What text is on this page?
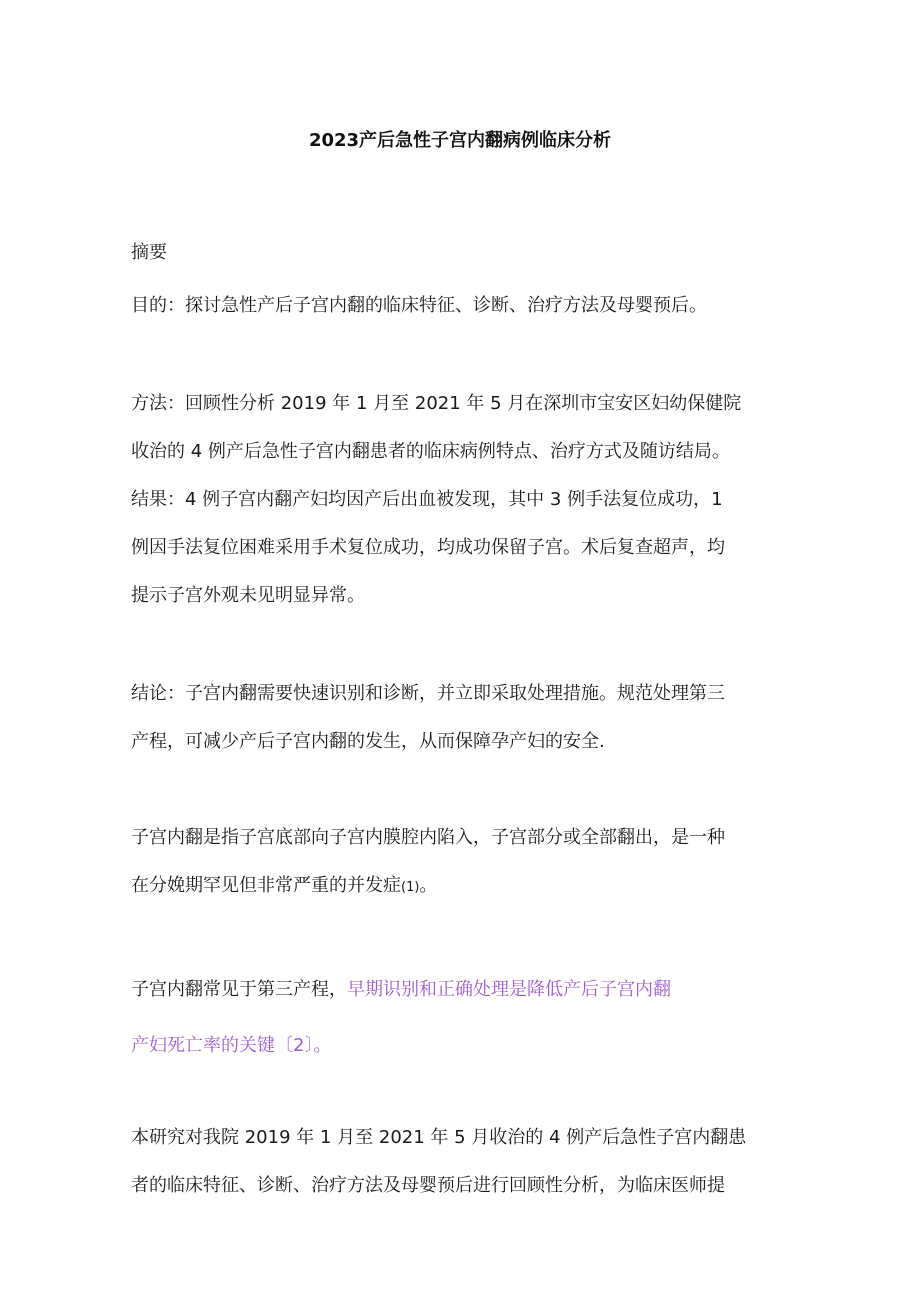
2023产后急性子宫内翻病例临床分析
摘要
目的：探讨急性产后子宫内翻的临床特征、诊断、治疗方法及母婴预后。
方法：回顾性分析 2019 年 1 月至 2021 年 5 月在深圳市宝安区妇幼保健院
收治的 4 例产后急性子宫内翻患者的临床病例特点、治疗方式及随访结局。
结果：4 例子宫内翻产妇均因产后出血被发现，其中 3 例手法复位成功，1
例因手法复位困难采用手术复位成功，均成功保留子宫。术后复查超声，均
提示子宫外观未见明显异常。
结论：子宫内翻需要快速识别和诊断，并立即采取处理措施。规范处理第三
产程，可减少产后子宫内翻的发生，从而保障孕产妇的安全.
子宫内翻是指子宫底部向子宫内膜腔内陷入，子宫部分或全部翻出，是一种
在分娩期罕见但非常严重的并发症(1)。
子宫内翻常见于第三产程，早期识别和正确处理是降低产后子宫内翻
产妇死亡率的关键〔2〕。
本研究对我院 2019 年 1 月至 2021 年 5 月收治的 4 例产后急性子宫内翻患
者的临床特征、诊断、治疗方法及母婴预后进行回顾性分析，为临床医师提
